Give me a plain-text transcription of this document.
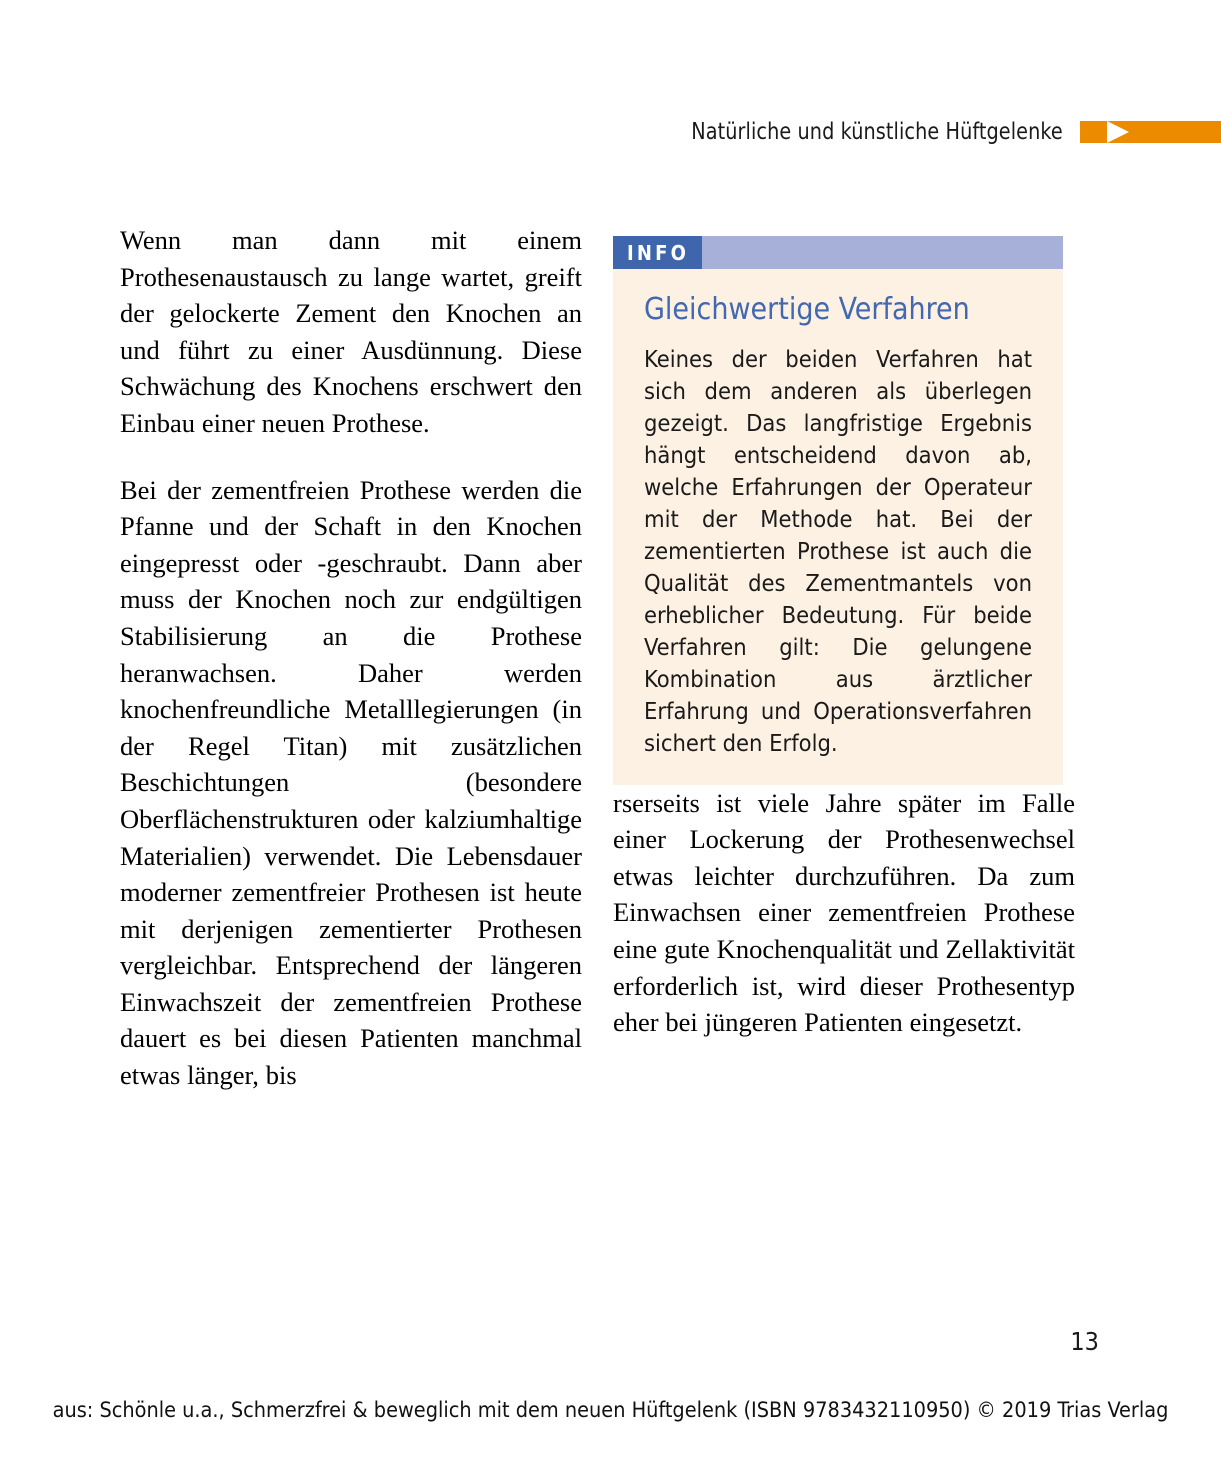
Natürliche und künstliche Hüftgelenke

Wenn man dann mit einem Prothesenaustausch zu lange wartet, greift der gelockerte Zement den Knochen an und führt zu einer Ausdünnung. Diese Schwächung des Knochens erschwert den Einbau einer neuen Prothese.

Bei der zementfreien Prothese werden die Pfanne und der Schaft in den Knochen eingepresst oder -geschraubt. Dann aber muss der Knochen noch zur endgültigen Stabilisierung an die Prothese heranwachsen. Daher werden knochenfreundliche Metalllegierungen (in der Regel Titan) mit zusätzlichen Beschichtungen (besondere Oberflächenstrukturen oder kalziumhaltige Materialien) verwendet. Die Lebensdauer moderner zementfreier Prothesen ist heute mit derjenigen zementierter Prothesen vergleichbar. Entsprechend der längeren Einwachszeit der zementfreien Prothese dauert es bei diesen Patienten manchmal etwas länger, bis

INFO
Gleichwertige Verfahren

Keines der beiden Verfahren hat sich dem anderen als überlegen gezeigt. Das langfristige Ergebnis hängt entscheidend davon ab, welche Erfahrungen der Operateur mit der Methode hat. Bei der zementierten Prothese ist auch die Qualität des Zementmantels von erheblicher Bedeutung. Für beide Verfahren gilt: Die gelungene Kombination aus ärztlicher Erfahrung und Operationsverfahren sichert den Erfolg.

rserseits ist viele Jahre später im Falle einer Lockerung der Prothesenwechsel etwas leichter durchzuführen. Da zum Einwachsen einer zementfreien Prothese eine gute Knochenqualität und Zellaktivität erforderlich ist, wird dieser Prothesentyp eher bei jüngeren Patienten eingesetzt.

13
aus: Schönle u.a., Schmerzfrei & beweglich mit dem neuen Hüftgelenk (ISBN 9783432110950) © 2019 Trias Verlag
